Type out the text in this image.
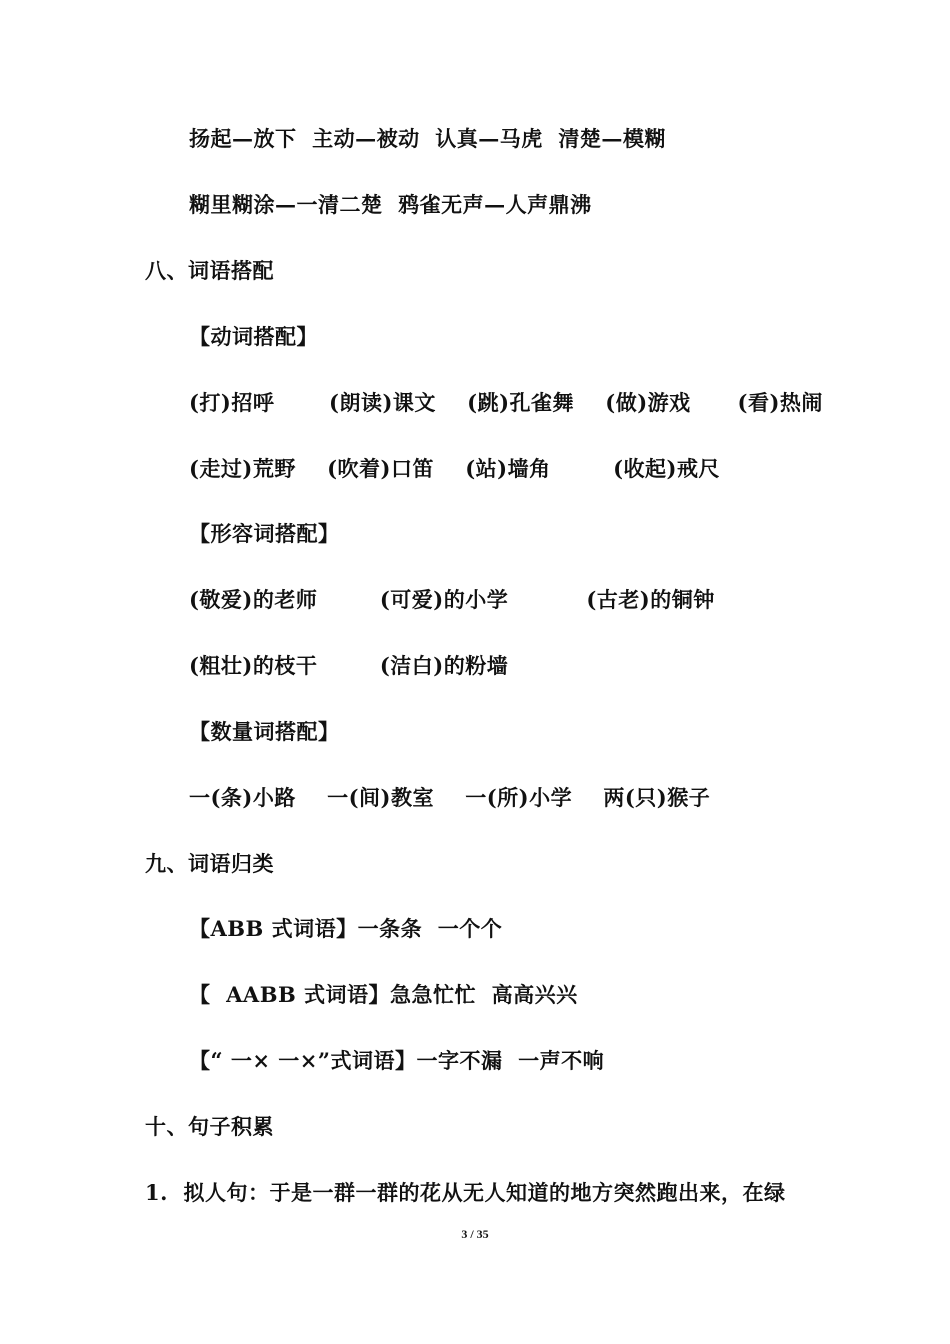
扬起—放下  主动—被动  认真—马虎  清楚—模糊
糊里糊涂—一清二楚  鸦雀无声—人声鼎沸
八、词语搭配
【动词搭配】
(打)招呼       (朗读)课文    (跳)孔雀舞    (做)游戏      (看)热闹
(走过)荒野    (吹着)口笛    (站)墙角        (收起)戒尺
【形容词搭配】
(敬爱)的老师        (可爱)的小学          (古老)的铜钟
(粗壮)的枝干        (洁白)的粉墙
【数量词搭配】
一(条)小路    一(间)教室    一(所)小学    两(只)猴子
九、词语归类
【ABB 式词语】一条条  一个个
【  AABB 式词语】急急忙忙  高高兴兴
【“ 一× 一×”式词语】一字不漏  一声不响
十、句子积累
1.  拟人句：于是一群一群的花从无人知道的地方突然跑出来，在绿
3 / 35
